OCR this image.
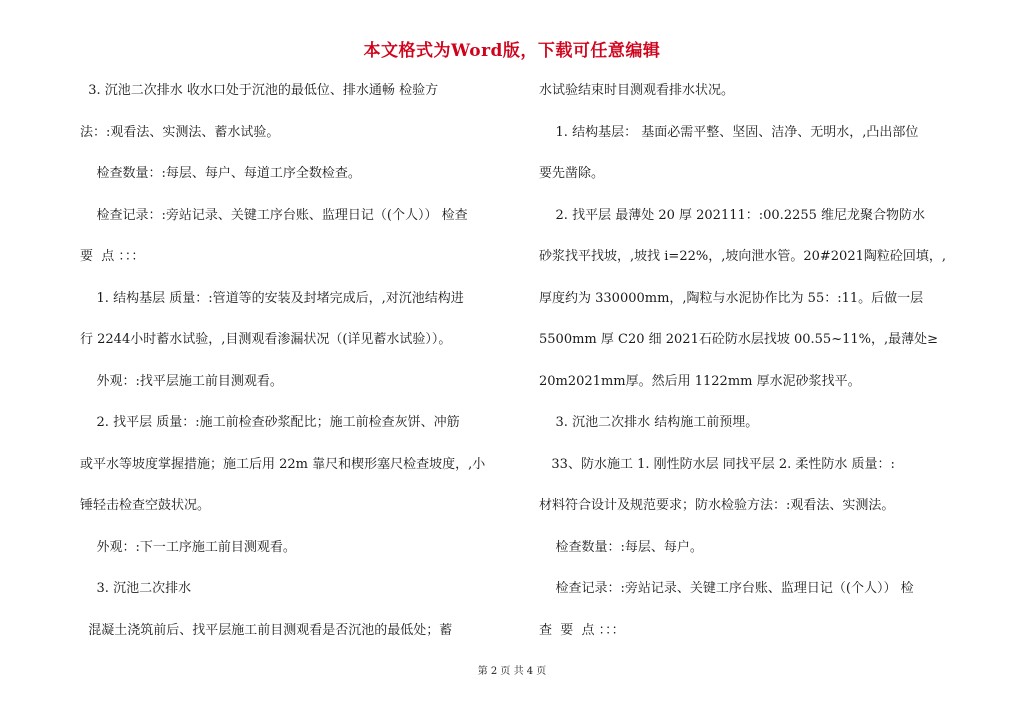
本文格式为Word版，下载可任意编辑
3. 沉池二次排水 收水口处于沉池的最低位、排水通畅 检验方
法：:观看法、实测法、蓄水试验。
检查数量：:每层、每户、每道工序全数检查。
检查记录：:旁站记录、关键工序台账、监理日记（(个人）） 检查
要  点 ：：：
1. 结构基层 质量：:管道等的安装及封堵完成后，,对沉池结构进
行 2244小时蓄水试验，,目测观看渗漏状况（(详见蓄水试验））。
外观：:找平层施工前目测观看。
2. 找平层 质量：:施工前检查砂浆配比；施工前检查灰饼、冲筋
或平水等坡度掌握措施；施工后用 22m 靠尺和楔形塞尺检查坡度，,小
锤轻击检查空鼓状况。
外观：:下一工序施工前目测观看。
3. 沉池二次排水
混凝土浇筑前后、找平层施工前目测观看是否沉池的最低处；蓄
水试验结束时目测观看排水状况。
1. 结构基层： 基面必需平整、坚固、洁净、无明水，,凸出部位
要先凿除。
2. 找平层 最薄处 20 厚 202111：:00.2255 维尼龙聚合物防水
砂浆找平找坡，,坡找 i=22%，,坡向泄水管。20#2021陶粒砼回填，,
厚度约为 330000mm，,陶粒与水泥协作比为 55：:11。后做一层
5500mm 厚 C20 细 2021石砼防水层找坡 00.55~11%，,最薄处≥
20m2021mm厚。然后用 1122mm 厚水泥砂浆找平。
3. 沉池二次排水 结构施工前预埋。
33、防水施工 1. 刚性防水层 同找平层 2. 柔性防水 质量：:
材料符合设计及规范要求；防水检验方法：:观看法、实测法。
检查数量：:每层、每户。
检查记录：:旁站记录、关键工序台账、监理日记（(个人）） 检
查  要  点 ：：：
第 2 页 共 4 页
